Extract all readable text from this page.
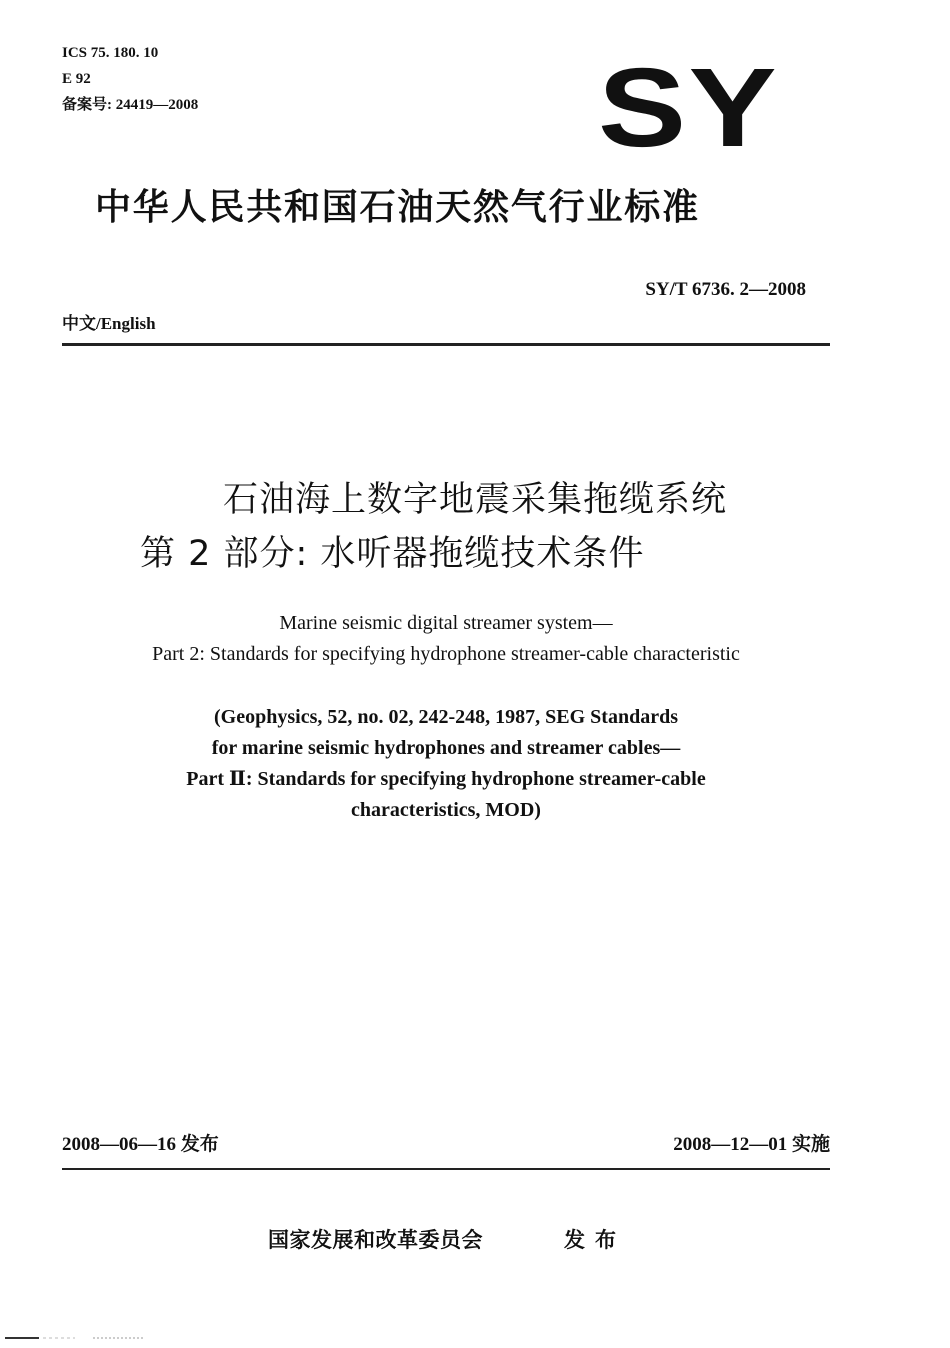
ICS 75. 180. 10
E 92
备案号: 24419—2008	SY
中华人民共和国石油天然气行业标准
SY/T 6736. 2—2008
中文/English
石油海上数字地震采集拖缆系统
第 2 部分: 水听器拖缆技术条件
Marine seismic digital streamer system—
Part 2: Standards for specifying hydrophone streamer-cable characteristic
(Geophysics, 52, no. 02, 242-248, 1987, SEG Standards
for marine seismic hydrophones and streamer cables—
Part Ⅱ: Standards for specifying hydrophone streamer-cable
characteristics, MOD)
2008—06—16 发布	2008—12—01 实施
国家发展和改革委员会	发布
